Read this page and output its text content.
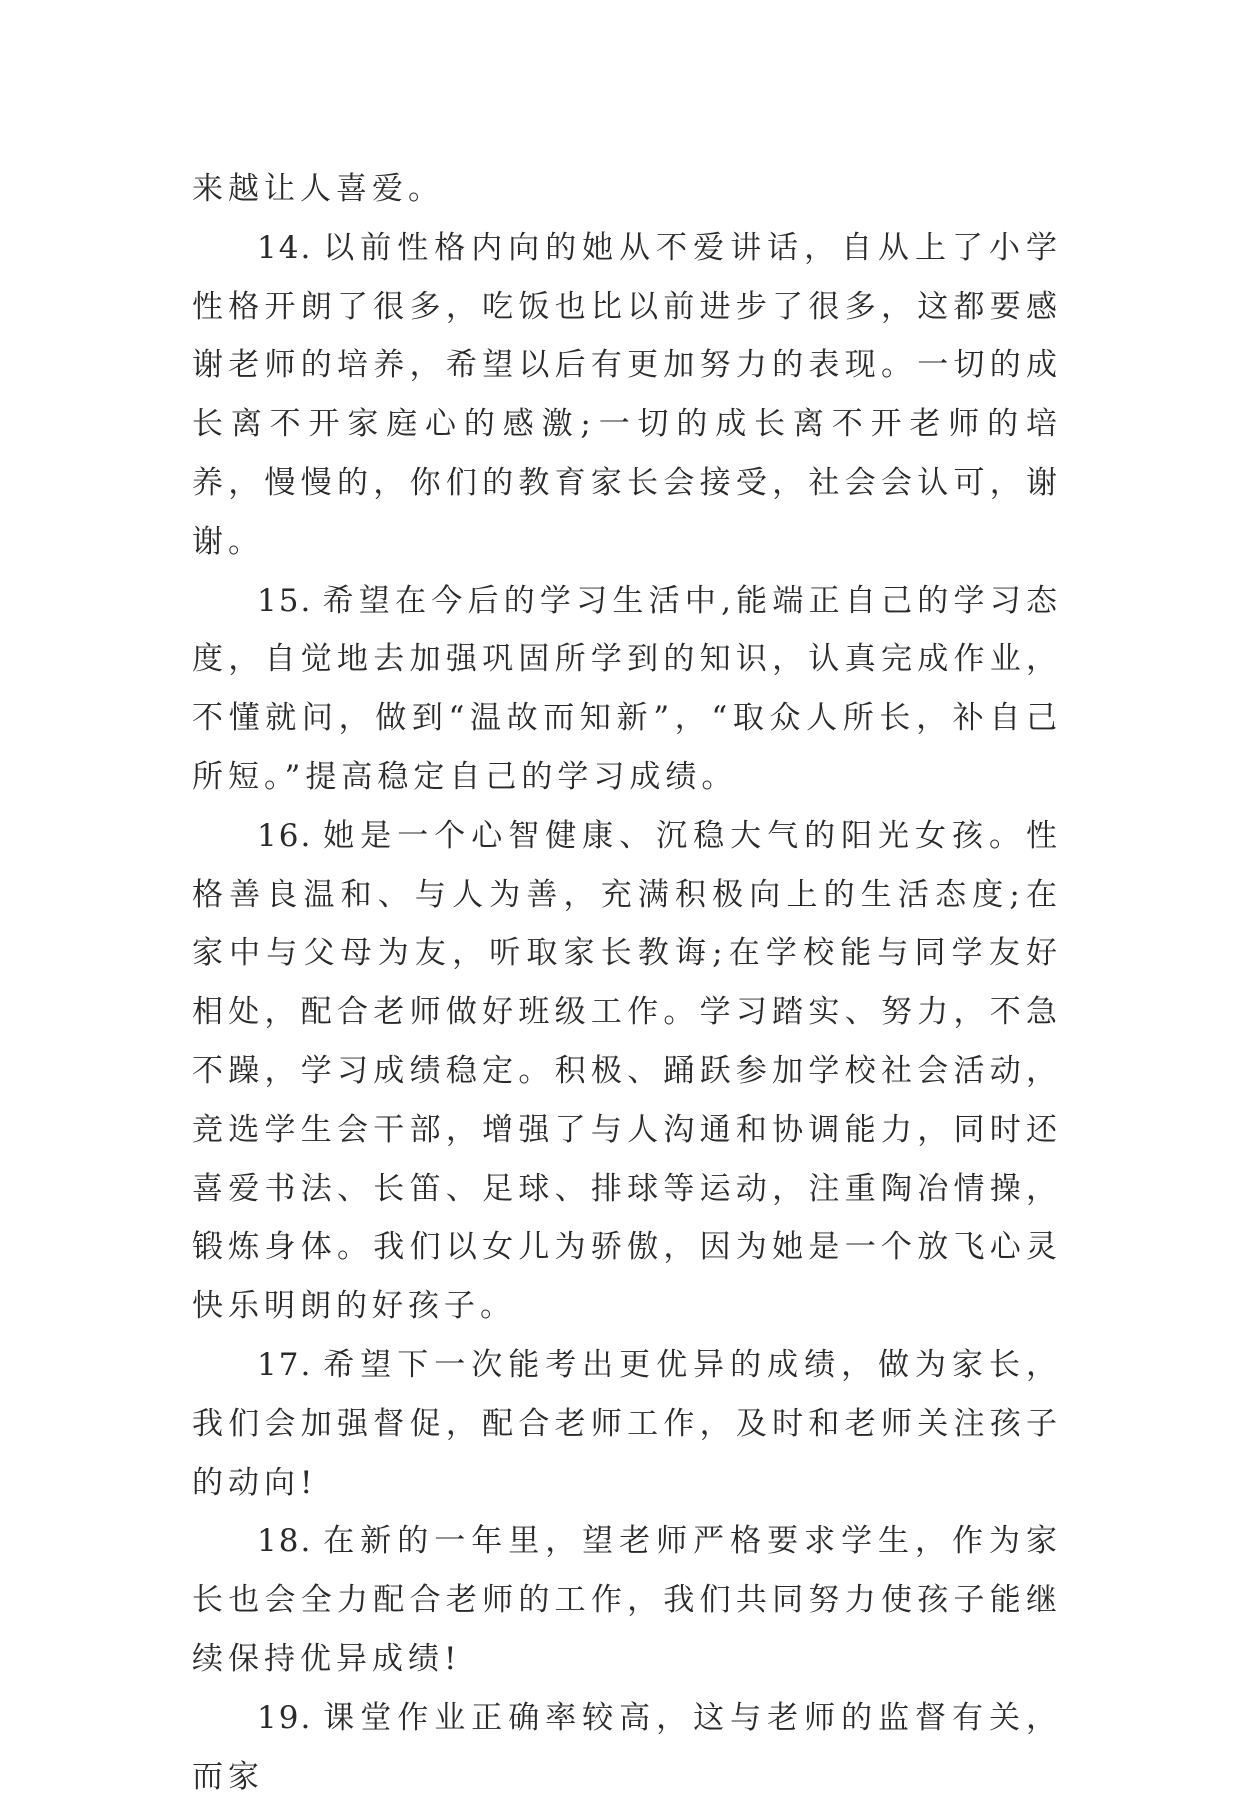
来越让人喜爱。

14. 以前性格内向的她从不爱讲话，自从上了小学性格开朗了很多，吃饭也比以前进步了很多，这都要感谢老师的培养，希望以后有更加努力的表现。一切的成长离不开家庭心的感激;一切的成长离不开老师的培养，慢慢的，你们的教育家长会接受，社会会认可，谢谢。

15. 希望在今后的学习生活中,能端正自己的学习态度，自觉地去加强巩固所学到的知识，认真完成作业，不懂就问，做到“温故而知新”，“取众人所长，补自己所短。”提高稳定自己的学习成绩。

16. 她是一个心智健康、沉稳大气的阳光女孩。性格善良温和、与人为善，充满积极向上的生活态度;在家中与父母为友，听取家长教诲;在学校能与同学友好相处，配合老师做好班级工作。学习踏实、努力，不急不躁，学习成绩稳定。积极、踊跃参加学校社会活动，竞选学生会干部，增强了与人沟通和协调能力，同时还喜爱书法、长笛、足球、排球等运动，注重陶冶情操，锻炼身体。我们以女儿为骄傲，因为她是一个放飞心灵快乐明朗的好孩子。

17. 希望下一次能考出更优异的成绩，做为家长，我们会加强督促，配合老师工作，及时和老师关注孩子的动向!

18. 在新的一年里，望老师严格要求学生，作为家长也会全力配合老师的工作，我们共同努力使孩子能继续保持优异成绩!

19. 课堂作业正确率较高，这与老师的监督有关，而家
